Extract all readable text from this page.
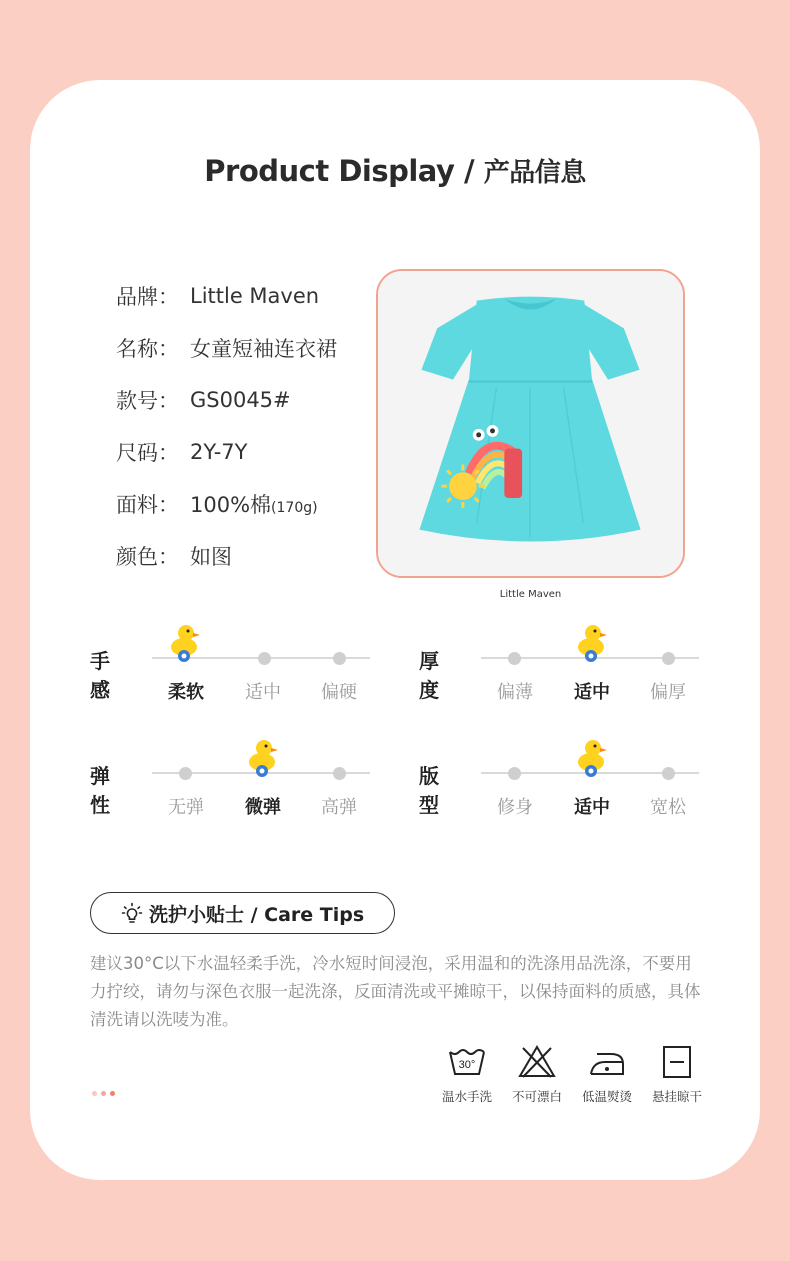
Product Display / 产品信息
品牌： Little Maven
名称： 女童短袖连衣裙
款号： GS0045#
尺码： 2Y-7Y
面料： 100%棉(170g)
颜色： 如图
Little Maven
手感	柔软	适中	偏硬
厚度	偏薄	适中	偏厚
弹性	无弹	微弹	高弹
版型	修身	适中	宽松
洗护小贴士 / Care Tips

建议30°C以下水温轻柔手洗，冷水短时间浸泡，采用温和的洗涤用品洗涤，不要用力拧绞，请勿与深色衣服一起洗涤，反面清洗或平摊晾干，以保持面料的质感，具体清洗请以洗唛为准。

30°
温水手洗	不可漂白	低温熨烫	悬挂晾干
